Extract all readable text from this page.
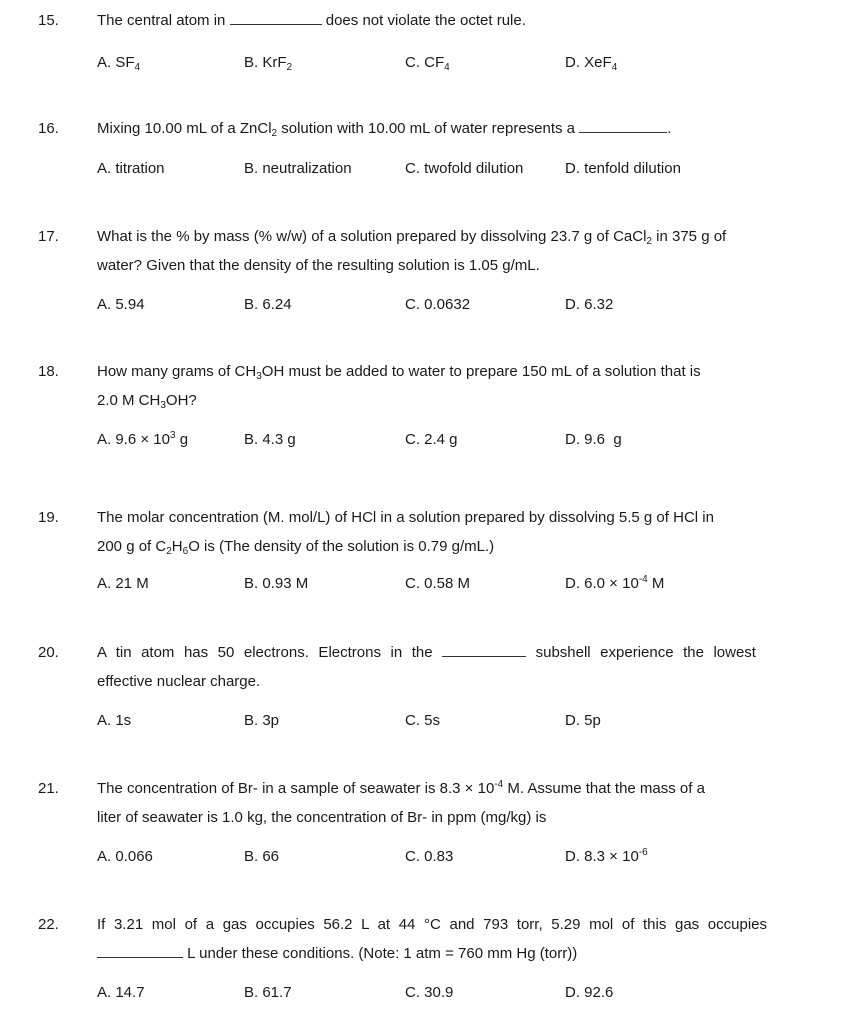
15.	The central atom in	does not violate the octet rule.
A. $SF_4$	B. KrF$_2$	C. $CF_4$	D. XeF$_4$
16.	Mixing 10.00 mL of a ZnCl$_2$ solution with 10.00 mL of water represents a	.
A. titration	B. neutralization	C. twofold dilution	D. tenfold dilution
17.	What is the % by mass (% w/w) of a solution prepared by dissolving 23.7 g of CaCl$_2$ in 375 g of
water? Given that the density of the resulting solution is 1.05 g/mL.
A. 5.94	B. 6.24	C. 0.0632	D. 6.32
18.	How many grams of $CH_3OH$ must be added to water to prepare 150 mL of a solution that is
2.0 M $CH_3OH$?
A. $9.6 \times 10^3$ g	B. 4.3 g	C. 2.4 g	D. 9.6  g
19.	The molar concentration (M. mol/L) of HCl in a solution prepared by dissolving 5.5 g of HCl in
200 g of $C_2H_6O$ is (The density of the solution is 0.79 g/mL.)
A. 21 M	B. 0.93 M	C. 0.58 M	D. $6.0 \times 10^{-4}$ M
20.	A tin atom has 50 electrons. Electrons in the	subshell experience the lowest
effective nuclear charge.
A. 1s	B. 3p	C. 5s	D. 5p
21.	The concentration of Br- in a sample of seawater is $8.3 \times 10^{-4}$ M. Assume that the mass of a
liter of seawater is 1.0 kg, the concentration of Br- in ppm (mg/kg) is
A. 0.066	B. 66	C. 0.83	D. $8.3 \times 10^{-6}$
22.	If 3.21 mol of a gas occupies 56.2 L at 44 °C and 793 torr, 5.29 mol of this gas occupies
L under these conditions. (Note: 1 atm = 760 mm Hg (torr))
A. 14.7	B. 61.7	C. 30.9	D. 92.6
